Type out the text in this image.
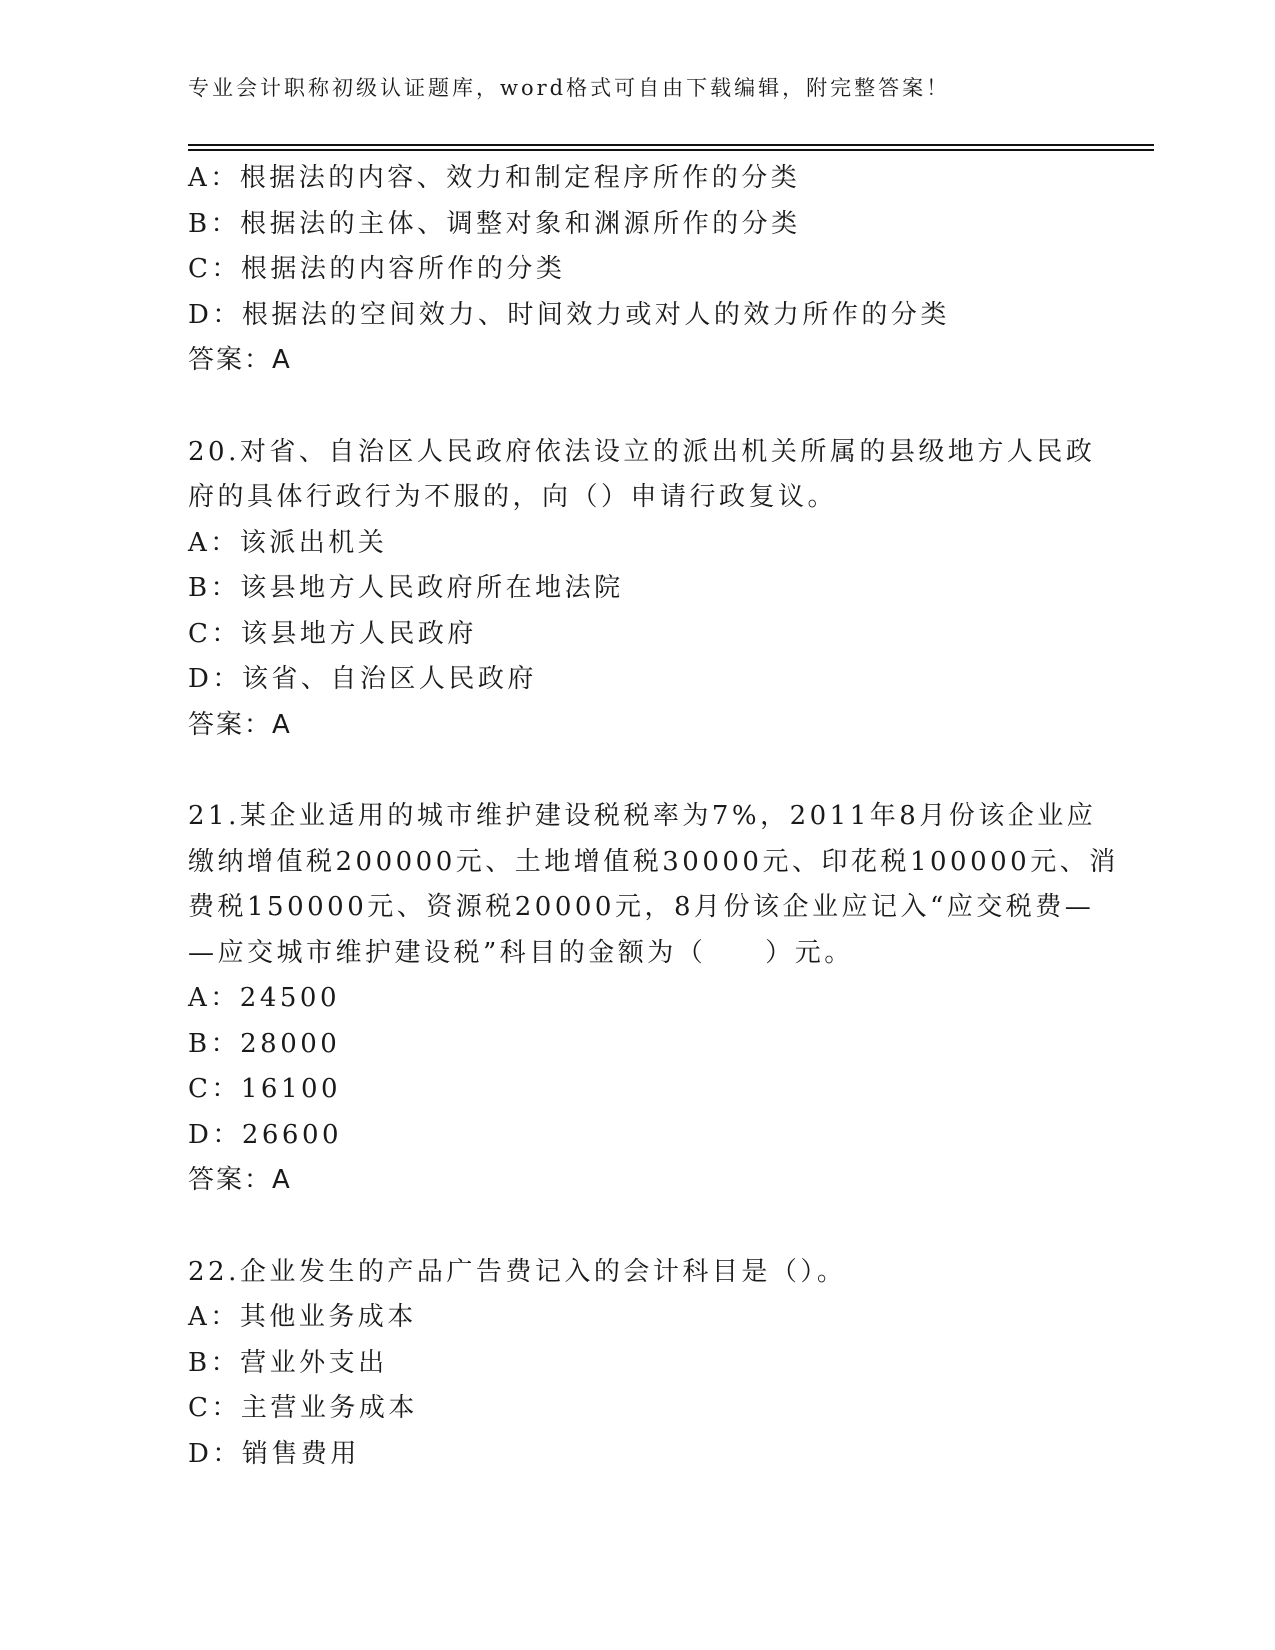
专业会计职称初级认证题库，word格式可自由下载编辑，附完整答案！
A：根据法的内容、效力和制定程序所作的分类
B：根据法的主体、调整对象和渊源所作的分类
C：根据法的内容所作的分类
D：根据法的空间效力、时间效力或对人的效力所作的分类
答案：A
20.对省、自治区人民政府依法设立的派出机关所属的县级地方人民政
府的具体行政行为不服的，向（）申请行政复议。
A：该派出机关
B：该县地方人民政府所在地法院
C：该县地方人民政府
D：该省、自治区人民政府
答案：A
21.某企业适用的城市维护建设税税率为7%，2011年8月份该企业应
缴纳增值税200000元、土地增值税30000元、印花税100000元、消
费税150000元、资源税20000元，8月份该企业应记入“应交税费—
—应交城市维护建设税”科目的金额为（　　）元。
A：24500
B：28000
C：16100
D：26600
答案：A
22.企业发生的产品广告费记入的会计科目是（）。
A：其他业务成本
B：营业外支出
C：主营业务成本
D：销售费用
